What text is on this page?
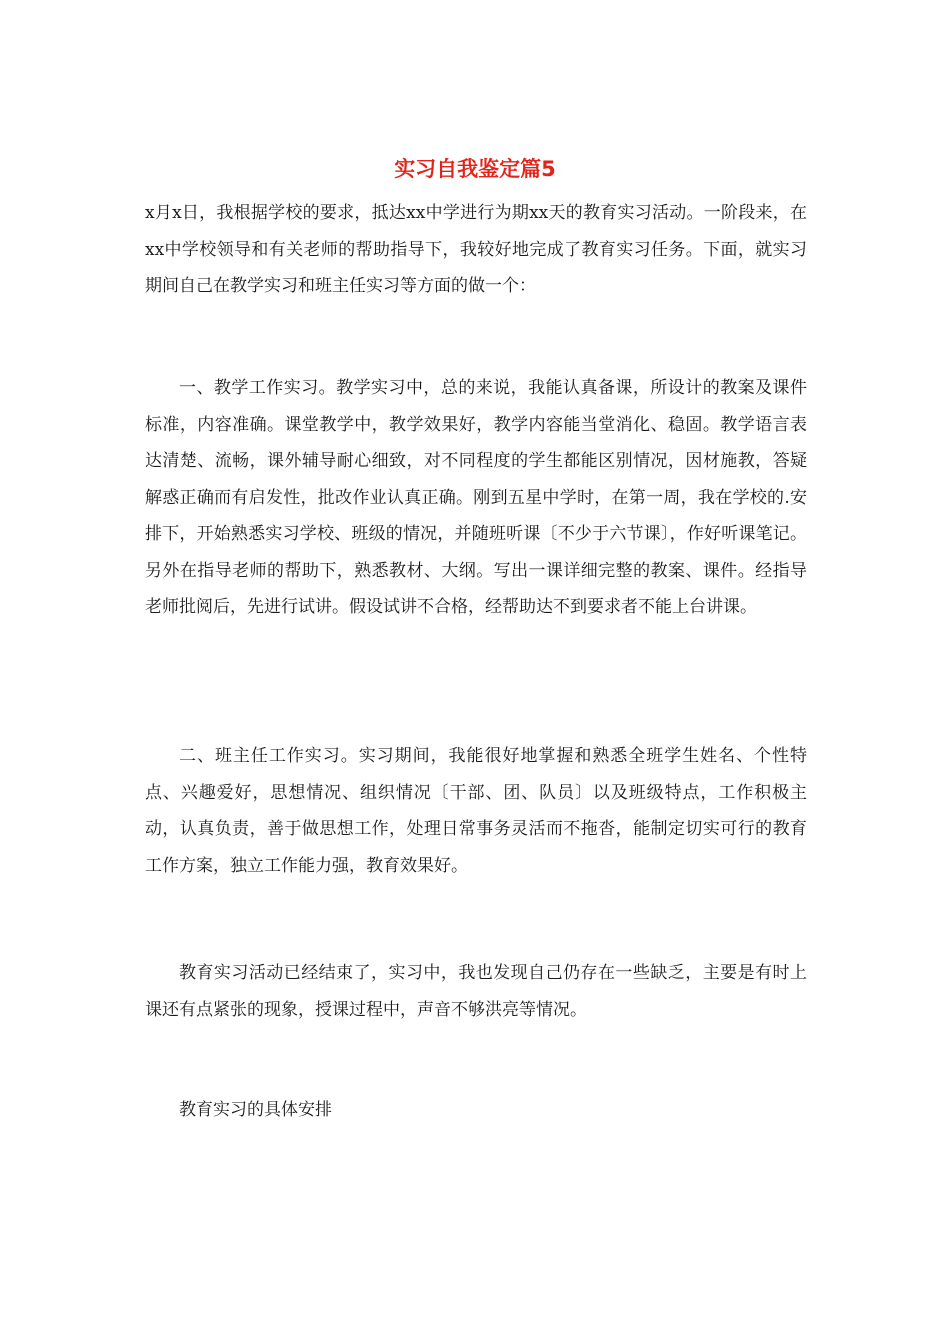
实习自我鉴定篇5

x月x日，我根据学校的要求，抵达xx中学进行为期xx天的教育实习活动。一阶段来，在xx中学校领导和有关老师的帮助指导下，我较好地完成了教育实习任务。下面，就实习期间自己在教学实习和班主任实习等方面的做一个：

一、教学工作实习。教学实习中，总的来说，我能认真备课，所设计的教案及课件标准，内容准确。课堂教学中，教学效果好，教学内容能当堂消化、稳固。教学语言表达清楚、流畅，课外辅导耐心细致，对不同程度的学生都能区别情况，因材施教，答疑解惑正确而有启发性，批改作业认真正确。刚到五星中学时，在第一周，我在学校的.安排下，开始熟悉实习学校、班级的情况，并随班听课〔不少于六节课〕，作好听课笔记。另外在指导老师的帮助下，熟悉教材、大纲。写出一课详细完整的教案、课件。经指导老师批阅后，先进行试讲。假设试讲不合格，经帮助达不到要求者不能上台讲课。

二、班主任工作实习。实习期间，我能很好地掌握和熟悉全班学生姓名、个性特点、兴趣爱好，思想情况、组织情况〔干部、团、队员〕以及班级特点，工作积极主动，认真负责，善于做思想工作，处理日常事务灵活而不拖沓，能制定切实可行的教育工作方案，独立工作能力强，教育效果好。

教育实习活动已经结束了，实习中，我也发现自己仍存在一些缺乏，主要是有时上课还有点紧张的现象，授课过程中，声音不够洪亮等情况。

教育实习的具体安排
